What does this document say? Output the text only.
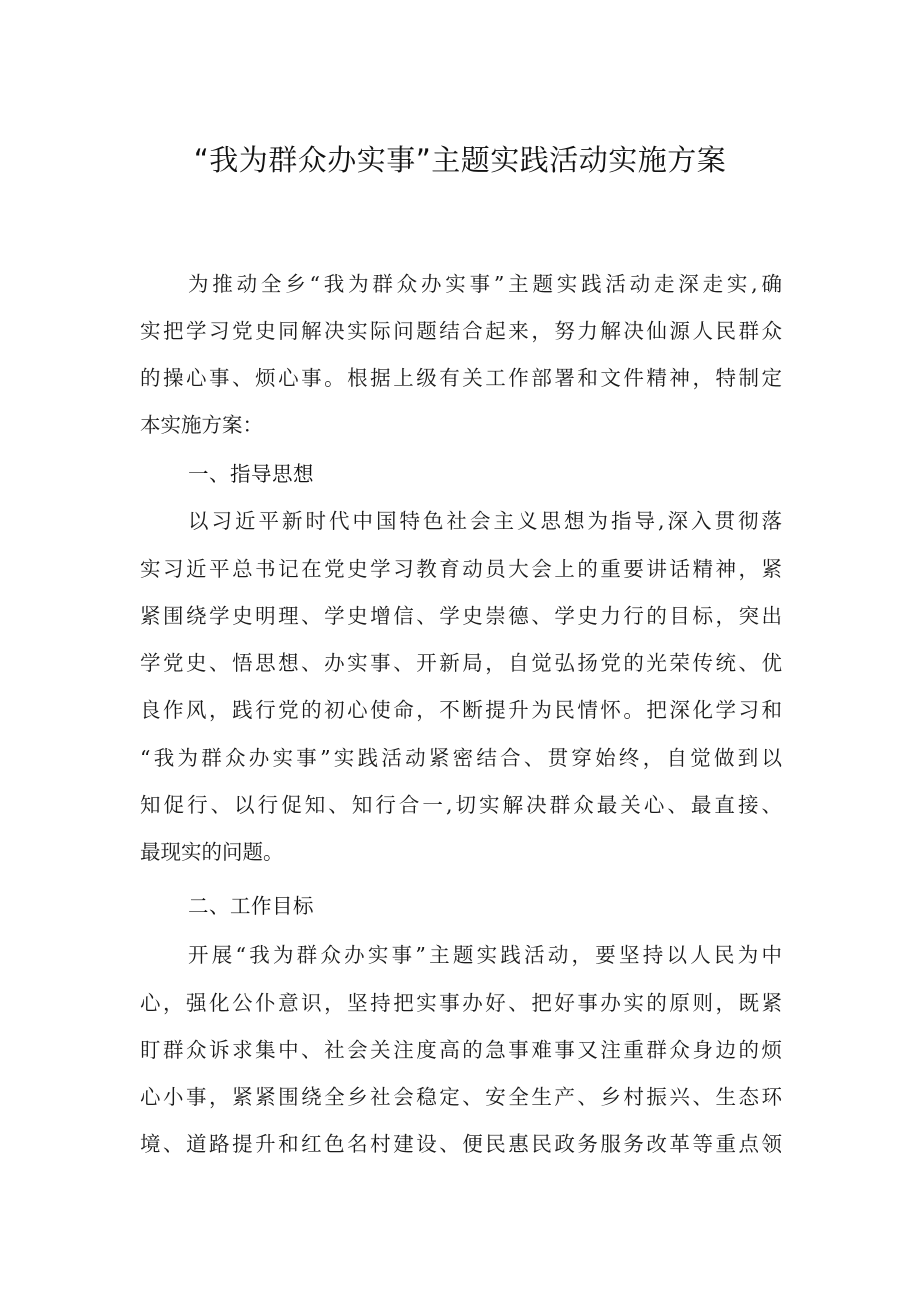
“我为群众办实事”主题实践活动实施方案
为推动全乡“我为群众办实事”主题实践活动走深走实,确
实把学习党史同解决实际问题结合起来，努力解决仙源人民群众
的操心事、烦心事。根据上级有关工作部署和文件精神，特制定
本实施方案：
一、指导思想
以习近平新时代中国特色社会主义思想为指导,深入贯彻落
实习近平总书记在党史学习教育动员大会上的重要讲话精神，紧
紧围绕学史明理、学史增信、学史崇德、学史力行的目标，突出
学党史、悟思想、办实事、开新局，自觉弘扬党的光荣传统、优
良作风，践行党的初心使命，不断提升为民情怀。把深化学习和
“我为群众办实事”实践活动紧密结合、贯穿始终，自觉做到以
知促行、以行促知、知行合一,切实解决群众最关心、最直接、
最现实的问题。
二、工作目标
开展“我为群众办实事”主题实践活动，要坚持以人民为中
心，强化公仆意识，坚持把实事办好、把好事办实的原则，既紧
盯群众诉求集中、社会关注度高的急事难事又注重群众身边的烦
心小事，紧紧围绕全乡社会稳定、安全生产、乡村振兴、生态环
境、道路提升和红色名村建设、便民惠民政务服务改革等重点领
